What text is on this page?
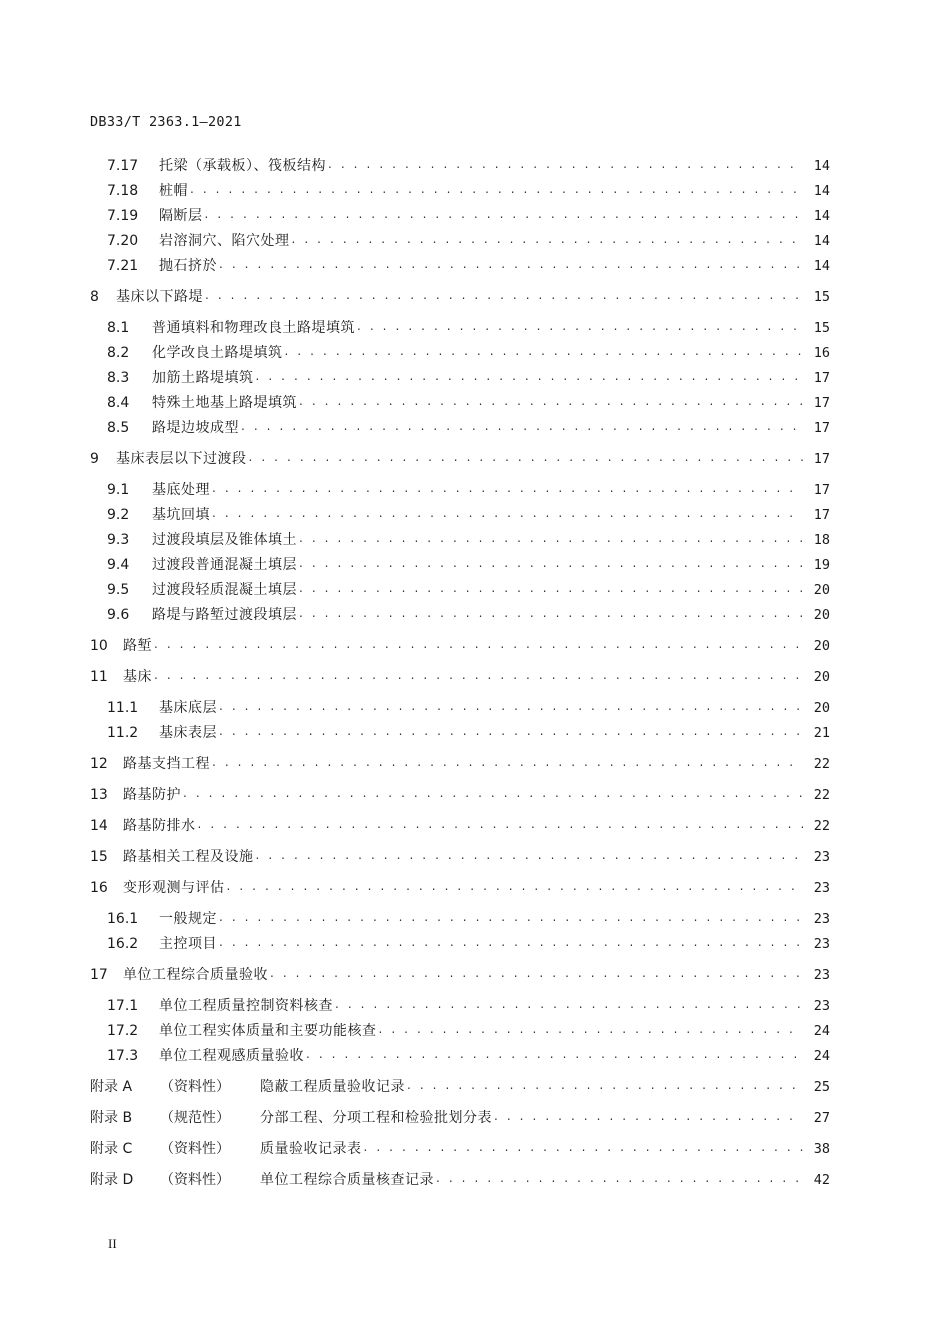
DB33/T 2363.1—2021
7.17	托梁（承载板）、筏板结构 . . .	14
7.18	桩帽 . . .	14
7.19	隔断层 . . .	14
7.20	岩溶洞穴、陷穴处理 . . .	14
7.21	抛石挤於 . . .	14
8	基床以下路堤 . . .	15
8.1	普通填料和物理改良土路堤填筑 . . .	15
8.2	化学改良土路堤填筑 . . .	16
8.3	加筋土路堤填筑 . . .	17
8.4	特殊土地基上路堤填筑 . . .	17
8.5	路堤边坡成型 . . .	17
9	基床表层以下过渡段 . . .	17
9.1	基底处理 . . .	17
9.2	基坑回填 . . .	17
9.3	过渡段填层及锥体填土 . . .	18
9.4	过渡段普通混凝土填层 . . .	19
9.5	过渡段轻质混凝土填层 . . .	20
9.6	路堤与路堑过渡段填层 . . .	20
10	路堑 . . .	20
11	基床 . . .	20
11.1	基床底层 . . .	20
11.2	基床表层 . . .	21
12	路基支挡工程 . . .	22
13	路基防护 . . .	22
14	路基防排水 . . .	22
15	路基相关工程及设施 . . .	23
16	变形观测与评估 . . .	23
16.1	一般规定 . . .	23
16.2	主控项目 . . .	23
17	单位工程综合质量验收 . . .	23
17.1	单位工程质量控制资料核查 . . .	23
17.2	单位工程实体质量和主要功能核查 . . .	24
17.3	单位工程观感质量验收 . . .	24
附录 A	（资料性）	隐蔽工程质量验收记录 . . .	25
附录 B	（规范性）	分部工程、分项工程和检验批划分表 . . .	27
附录 C	（资料性）	质量验收记录表 . . .	38
附录 D	（资料性）	单位工程综合质量核查记录 . . .	42
II
